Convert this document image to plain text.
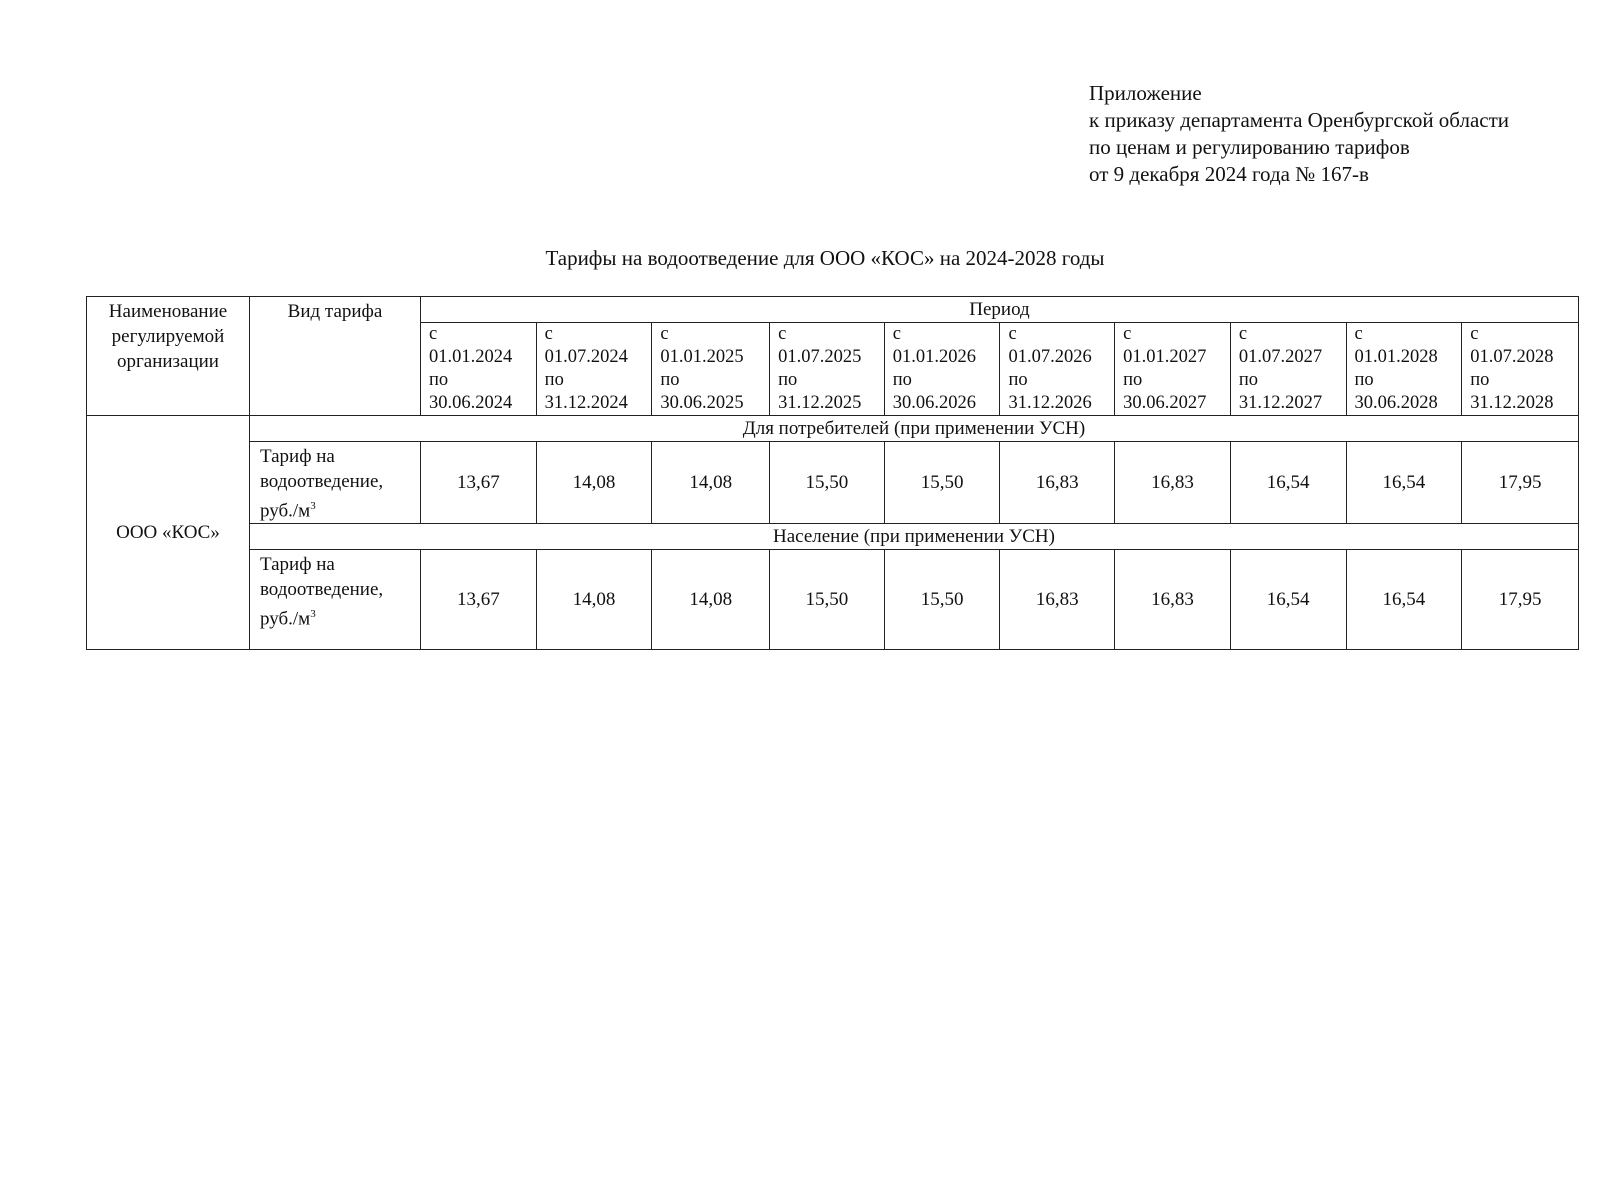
Приложение
к приказу департамента Оренбургской области
по ценам и регулированию тарифов
от 9 декабря 2024 года № 167-в
Тарифы на водоотведение для ООО «КОС» на 2024-2028 годы
Наименование регулируемой организации	Вид тарифа	Период									

		с
01.01.2024
по
30.06.2024	с
01.07.2024
по
31.12.2024	с
01.01.2025
по
30.06.2025	с
01.07.2025
по
31.12.2025	с
01.01.2026
по
30.06.2026	с
01.07.2026
по
31.12.2026	с
01.01.2027
по
30.06.2027	с
01.07.2027
по
31.12.2027	с
01.01.2028
по
30.06.2028	с
01.07.2028
по
31.12.2028

ООО «КОС»	Для потребителей (при применении УСН)										

	Тариф на
водоотведение,
$руб./м^3$	13,67	14,08	14,08	15,50	15,50	16,83	16,83	16,54	16,54	17,95
	Население (при применении УСН)										

	Тариф на
водоотведение,
$руб./м^3$	13,67	14,08	14,08	15,50	15,50	16,83	16,83	16,54	16,54	17,95
